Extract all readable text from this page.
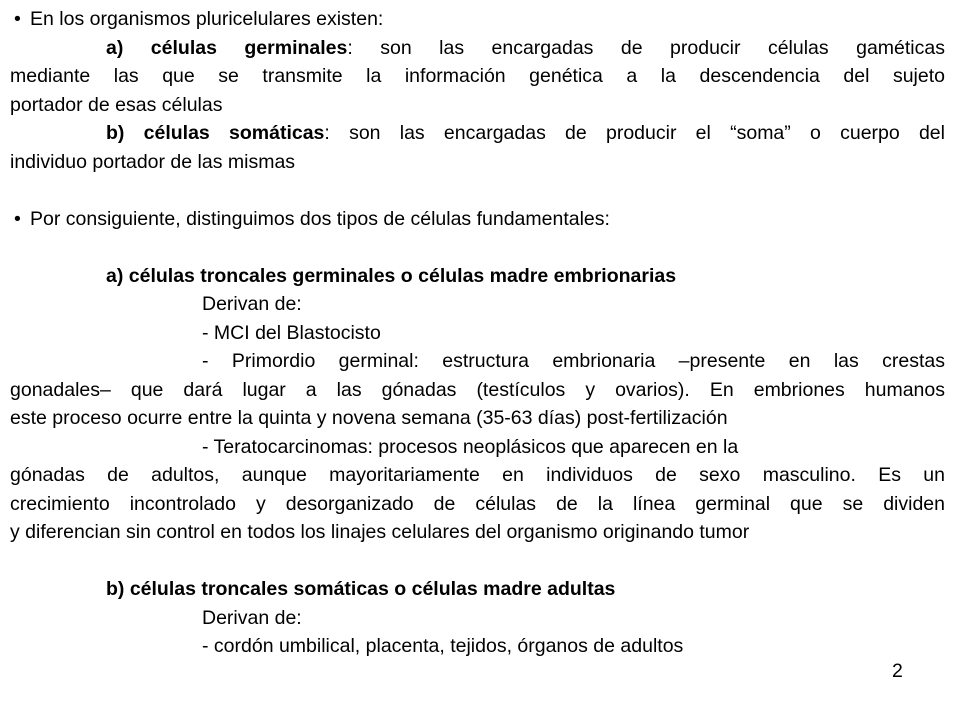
• En los organismos pluricelulares existen:
a) células germinales: son las encargadas de producir células gaméticas
mediante las que se transmite la información genética a la descendencia del sujeto
portador de esas células
b) células somáticas: son las encargadas de producir el “soma” o cuerpo del
individuo portador de las mismas
• Por consiguiente, distinguimos dos tipos de células fundamentales:
a) células troncales germinales o células madre embrionarias
Derivan de:
- MCI del Blastocisto
- Primordio germinal: estructura embrionaria –presente en las crestas
gonadales– que dará lugar a las gónadas (testículos y ovarios). En embriones humanos
este proceso ocurre entre la quinta y novena semana (35-63 días) post-fertilización
- Teratocarcinomas: procesos neoplásicos que aparecen en la
gónadas de adultos, aunque mayoritariamente en individuos de sexo masculino. Es un
crecimiento incontrolado y desorganizado de células de la línea germinal que se dividen
y diferencian sin control en todos los linajes celulares del organismo originando tumor
b) células troncales somáticas o células madre adultas
Derivan de:
- cordón umbilical, placenta, tejidos, órganos de adultos
2
